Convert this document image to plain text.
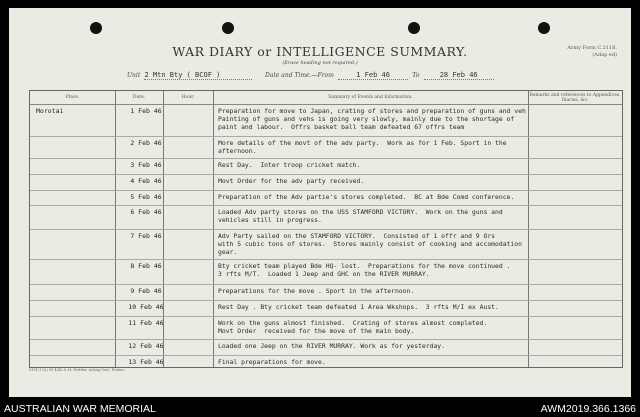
WAR DIARY or INTELLIGENCE SUMMARY.
(Erase heading not required.)
Army Form C.2118.
(Adap ed)
Unit 2 Mtn Bty ( BCOF )	Date and Time.—From	1 Feb 46	To	28 Feb 46
Place.	Date.	Hour.	Summary of Events and Information.	Remarks and references to Appendices, Diaries, &c.
Morotai	1 Feb 46	Preparation for move to Japan, crating of stores and preparation of guns and veh
Painting of guns and vehs is going very slowly, mainly due to the shortage of
paint and labour.  Offrs basket ball team defeated 67 offrs team
2 Feb 46	More details of the movt of the adv party.  Work as for 1 Feb. Sport in the
afternoon.
3 Feb 46	Rest Day.  Inter troop cricket match.
4 Feb 46	Movt Order for the adv party received.
5 Feb 46	Preparation of the Adv partie's stores completed.  BC at Bde Comd conference.
6 Feb 46	Loaded Adv party stores on the USS STAMFORD VICTORY.  Work on the guns and
vehicles still in progress.
7 Feb 46	Adv Party sailed on the STAMFORD VICTORY.  Consisted of 1 offr and 9 Ors
with 5 cubic tons of stores.  Stores mainly consist of cooking and accomodation
gear.
8 Feb 46	Bty cricket team played Bde HQ- lost.  Preparations for the move continued .
3 rfts M/T.  Loaded 1 Jeep and GHC on the RIVER MURRAY.
9 Feb 46	Preparations for the move . Sport in the afternoon.
10 Feb 46	Rest Day . Bty cricket team defeated 1 Area Wkshops.  3 rfts M/I ex Aust.
11 Feb 46	Work on the guns almost finished.  Crating of stores almost completed.
Movt Order  received for the move of the main body.
12 Feb 46	Loaded one Jeep on the RIVER MURRAY. Work as for yesterday.
13 Feb 46	Final preparations for move.
5101/1 (A) 50 4/40 A. H. Pettifer, Acting Govt. Printer.
AUSTRALIAN WAR MEMORIAL	AWM2019.366.1366
